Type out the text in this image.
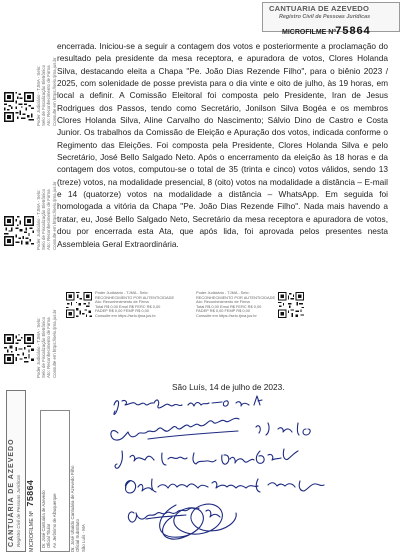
CANTUARIA DE AZEVEDO
Registro Civil de Pessoas Jurídicas
MICROFILME Nº 75864
encerrada. Iniciou-se a seguir a contagem dos votos e posteriormente a proclamação do resultado pela presidente da mesa receptora, e apuradora de votos, Clores Holanda Silva, destacando eleita a Chapa "Pe. João Dias Rezende Filho", para o biênio 2023 / 2025, com solenidade de posse prevista para o dia vinte e oito de julho, às 19 horas, em local a definir. A Comissão Eleitoral foi composta pelo Presidente, Iran de Jesus Rodrigues dos Passos, tendo como Secretário, Jonilson Silva Bogéa e os membros Clores Holanda Silva, Aline Carvalho do Nascimento; Sálvio Dino de Castro e Costa Junior. Os trabalhos da Comissão de Eleição e Apuração dos votos, indicada conforme o Regimento das Eleições. Foi composta pela Presidente, Clores Holanda Silva e pelo Secretário, José Bello Salgado Neto. Após o encerramento da eleição às 18 horas e da contagem dos votos, computou-se o total de 35 (trinta e cinco) votos válidos, sendo 13 (treze) votos, na modalidade presencial, 8 (oito) votos na modalidade a distância – E-mail e 14 (quatorze) votos na modalidade a distância – WhatsApp. Em seguida foi homologada a vitória da Chapa "Pe. João Dias Rezende Filho". Nada mais havendo a tratar, eu, José Bello Salgado Neto, Secretário da mesa receptora e apuradora de votos, dou por encerrada esta Ata, que após lida, foi aprovada pelos presentes nesta Assembleia Geral Extraordinária.
Poder Judiciário - TJMA - Selo: Selo de Fiscalização Eletrônico Ato: Reconhecimento de Firma Consulte em https://selo.tjma.jus.br
Poder Judiciário - TJMA - Selo: Selo de Fiscalização Eletrônico Ato: Reconhecimento de Firma Consulte em https://selo.tjma.jus.br
Poder Judiciário - TJMA - Selo: Selo de Fiscalização Eletrônico Ato: Reconhecimento de Firma Consulte em https://selo.tjma.jus.br
Poder Judiciário - TJMA - Selo:
RECONHECIMENTO POR AUTENTICIDADE
Ato: Reconhecimento de Firma
Total R$ 0,00 Emol R$ FERC R$ 0,00
FADEP R$ 0,00 FEMP R$ 0,00
Consulte em https://selo.tjma.jus.br
Poder Judiciário - TJMA - Selo:
RECONHECIMENTO POR AUTENTICIDADE
Ato: Reconhecimento de Firma
Total R$ 0,00 Emol R$ FERC R$ 0,00
FADEP R$ 0,00 FEMP R$ 0,00
Consulte em https://selo.tjma.jus.br
São Luís, 14 de julho de 2023.
CANTUÁRIA DE AZEVEDO Registro Civil de Pessoas Jurídicas	MICROFILME Nº75864 Dr. José Cantuária de Azevedo Oficial Titular Av. Jerônimo de Albuquerque	Dr. José Ubaldo Cantuária de Azevedo Filho Oficial Substituto São Luís - MA
